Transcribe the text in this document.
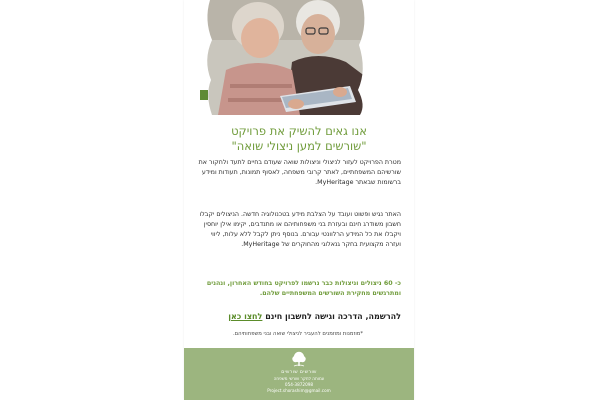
אנו גאים להשיק את פרויקט
"שורשים למען ניצולי שואה"
מטרת הפרויקט לעזור לניצולי וניצולות שואה שעודם בחיים לתעד ולחקור את שורשיהם המשפחתיים, לאתר קרובי משפחה, לאסוף תמונות, תעודות ומידע ברשומות שבאתר MyHeritage.
האתר נגיש ופשוט ועובד על הצלבת מידע בטכנולוגיה חדשה. הניצולים יקבלו חשבון משודרג חינם ובעזרת בני משפחותיהם או מתנדבים, יקימו אילן יוחסין ויקבלו את כל המידע הרלוונטי עבורם. בנוסף ניתן לקבל ללא עלות, ליווי ועזרה מקצועית בחקר גנאלוגי מהחוקרים של MyHeritage.
כ- 60 ניצולים וניצולות כבר נרשמו לפרויקט בחודש האחרון, ונהנים ומתרגשים מחקירת השורשים המשפחתיים שלהם.
להרשמה, הדרכה וגישה לחשבון חינם לחצו כאן
*מוזמנות ומוזמנים להעביר לניצולי שואה ובני משפחותיהם.
שורשים שורשים
עמותה לחקר שורשי משפחה
054-3872098
Project.shorashim@gmail.com
